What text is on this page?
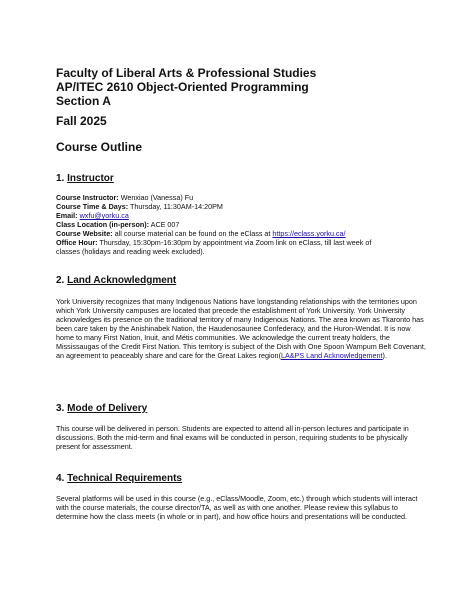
Faculty of Liberal Arts & Professional Studies

AP/ITEC 2610 Object-Oriented Programming

Section A

Fall 2025
Course Outline
1. Instructor

Course Instructor: Wenxiao (Vanessa) Fu

Course Time & Days: Thursday, 11:30AM-14:20PM

Email: wxfu@yorku.ca

Class Location (in-person): ACE 007

Course Website: all course material can be found on the eClass at https://eclass.yorku.ca/

Office Hour: Thursday, 15:30pm-16:30pm by appointment via Zoom link on eClass, till last week of

classes (holidays and reading week excluded).

2. Land Acknowledgment

York University recognizes that many Indigenous Nations have longstanding relationships with the territories upon which York University campuses are located that precede the establishment of York University. York University acknowledges its presence on the traditional territory of many Indigenous Nations. The area known as Tkaronto has been care taken by the Anishinabek Nation, the Haudenosaunee Confederacy, and the Huron-Wendat. It is now home to many First Nation, Inuit, and Métis communities. We acknowledge the current treaty holders, the Mississaugas of the Credit First Nation. This territory is subject of the Dish with One Spoon Wampum Belt Covenant, an agreement to peaceably share and care for the Great Lakes region(LA&PS Land Acknowledgement).

3. Mode of Delivery

This course will be delivered in person. Students are expected to attend all in-person lectures and participate in discussions. Both the mid-term and final exams will be conducted in person, requiring students to be physically present for assessment.

4. Technical Requirements

Several platforms will be used in this course (e.g., eClass/Moodle, Zoom, etc.) through which students will interact with the course materials, the course director/TA, as well as with one another. Please review this syllabus to determine how the class meets (in whole or in part), and how office hours and presentations will be conducted.
